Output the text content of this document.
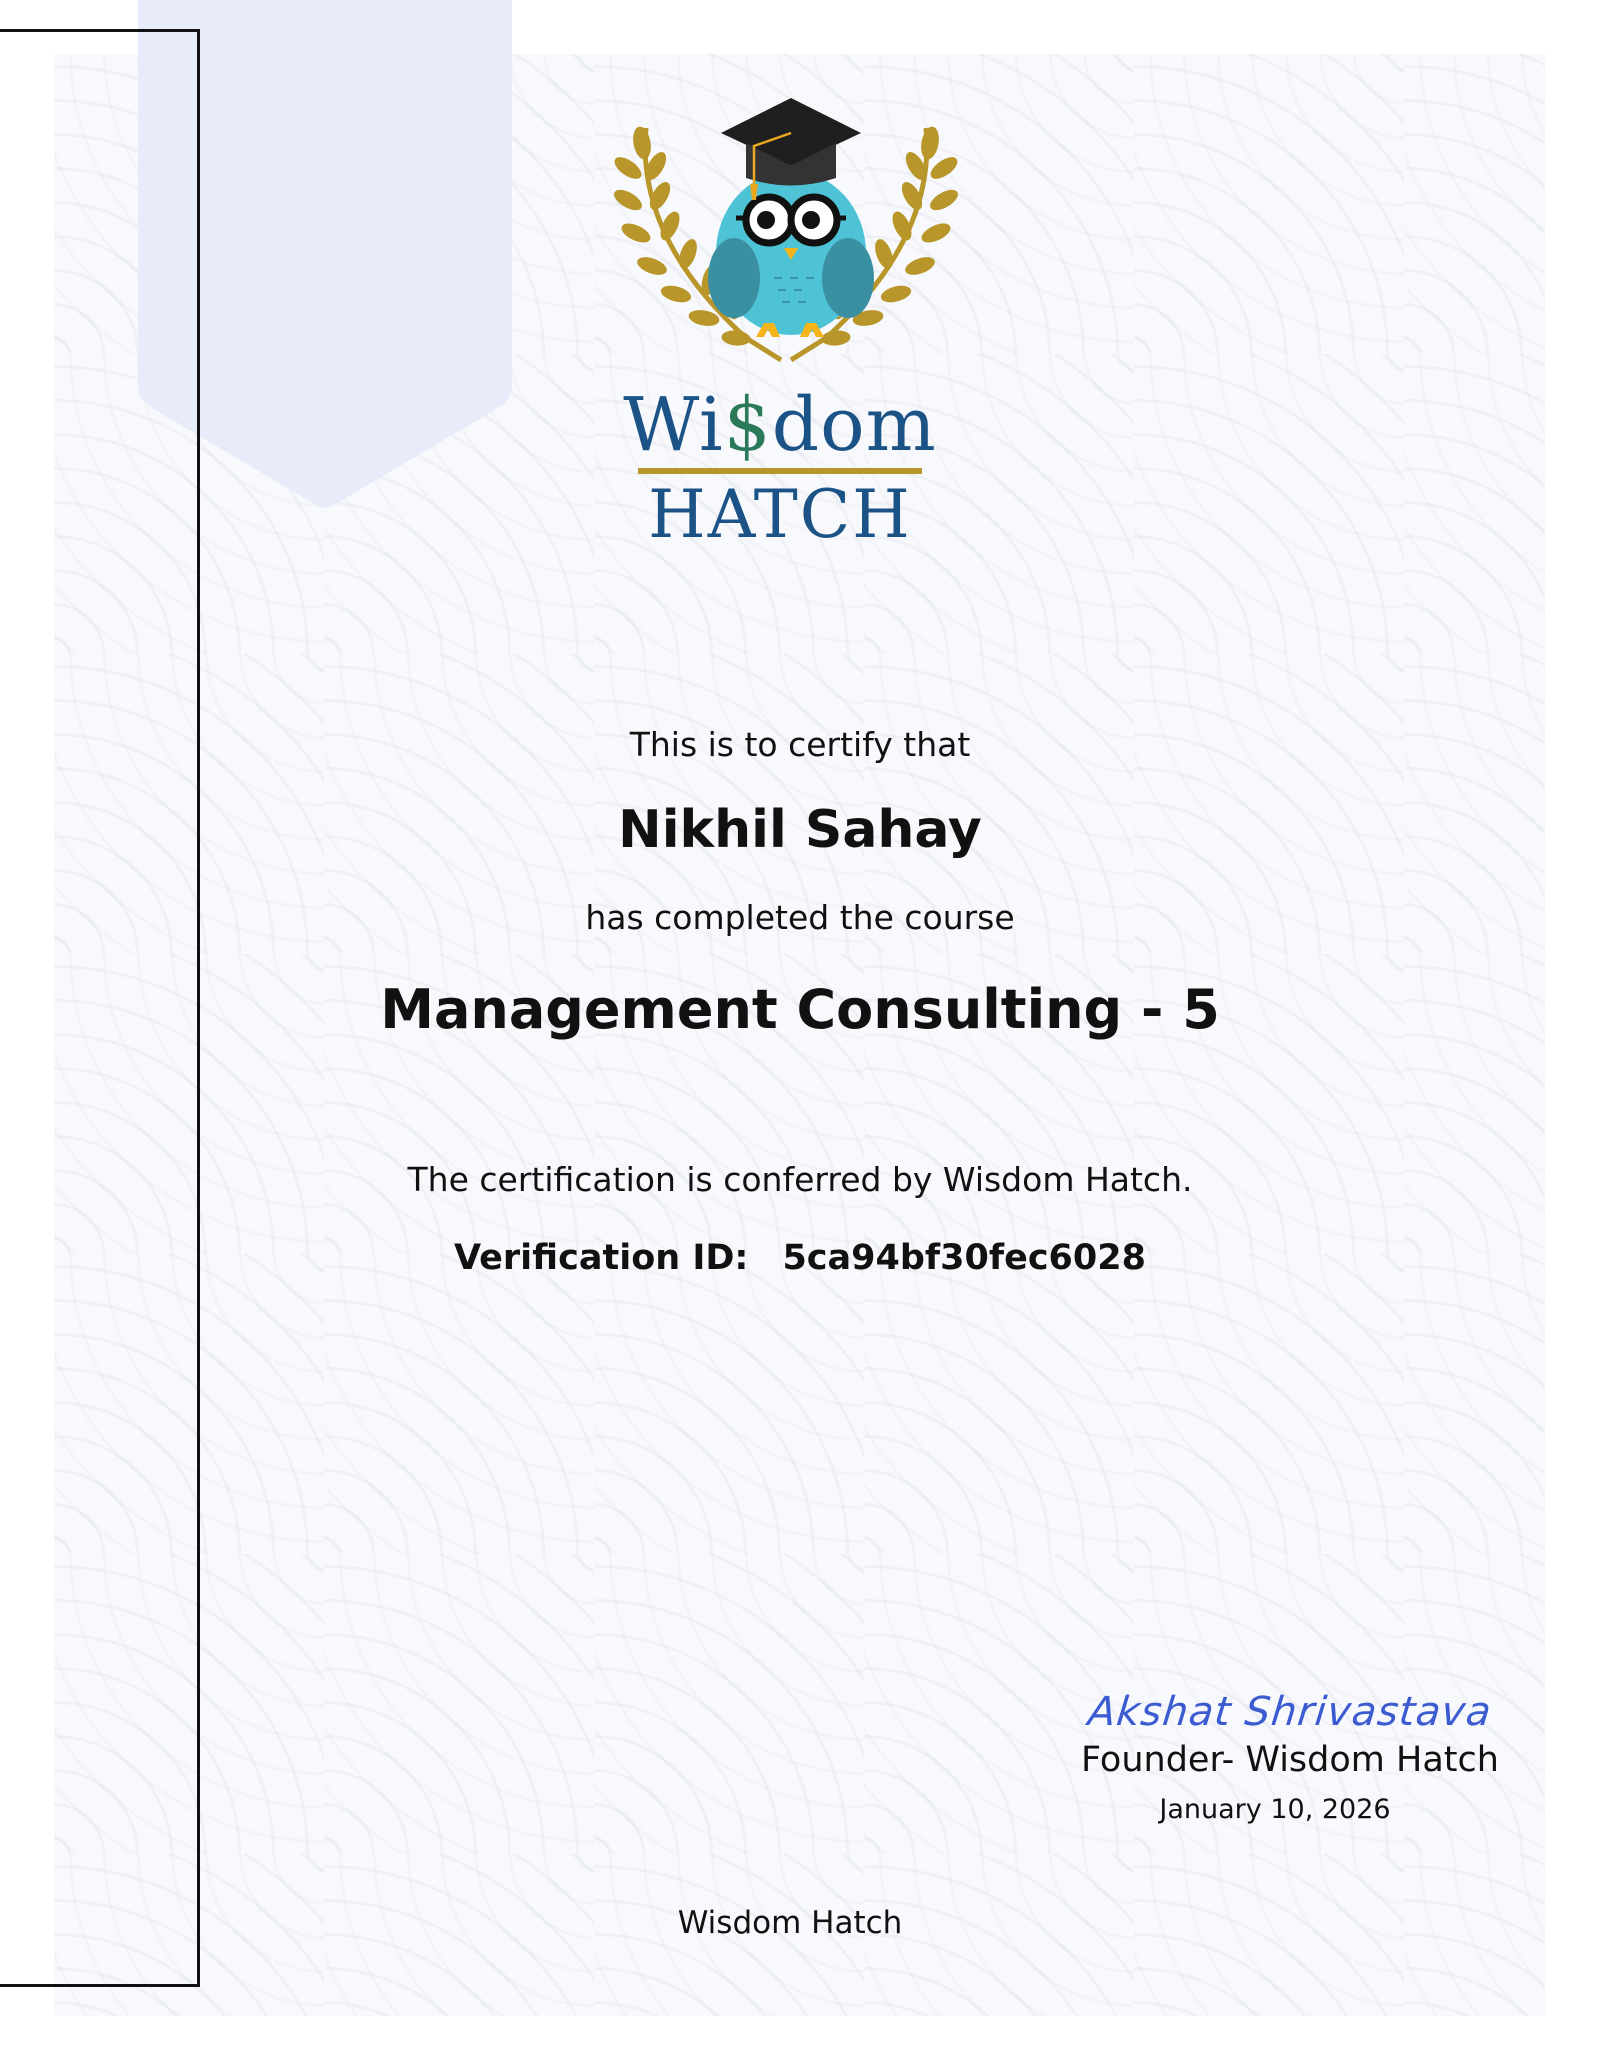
Wi$dom
HATCH
This is to certify that
Nikhil Sahay
has completed the course
Management Consulting - 5
The certification is conferred by Wisdom Hatch.
Verification ID: 5ca94bf30fec6028
Akshat Shrivastava
Founder- Wisdom Hatch
January 10, 2026
Wisdom Hatch
